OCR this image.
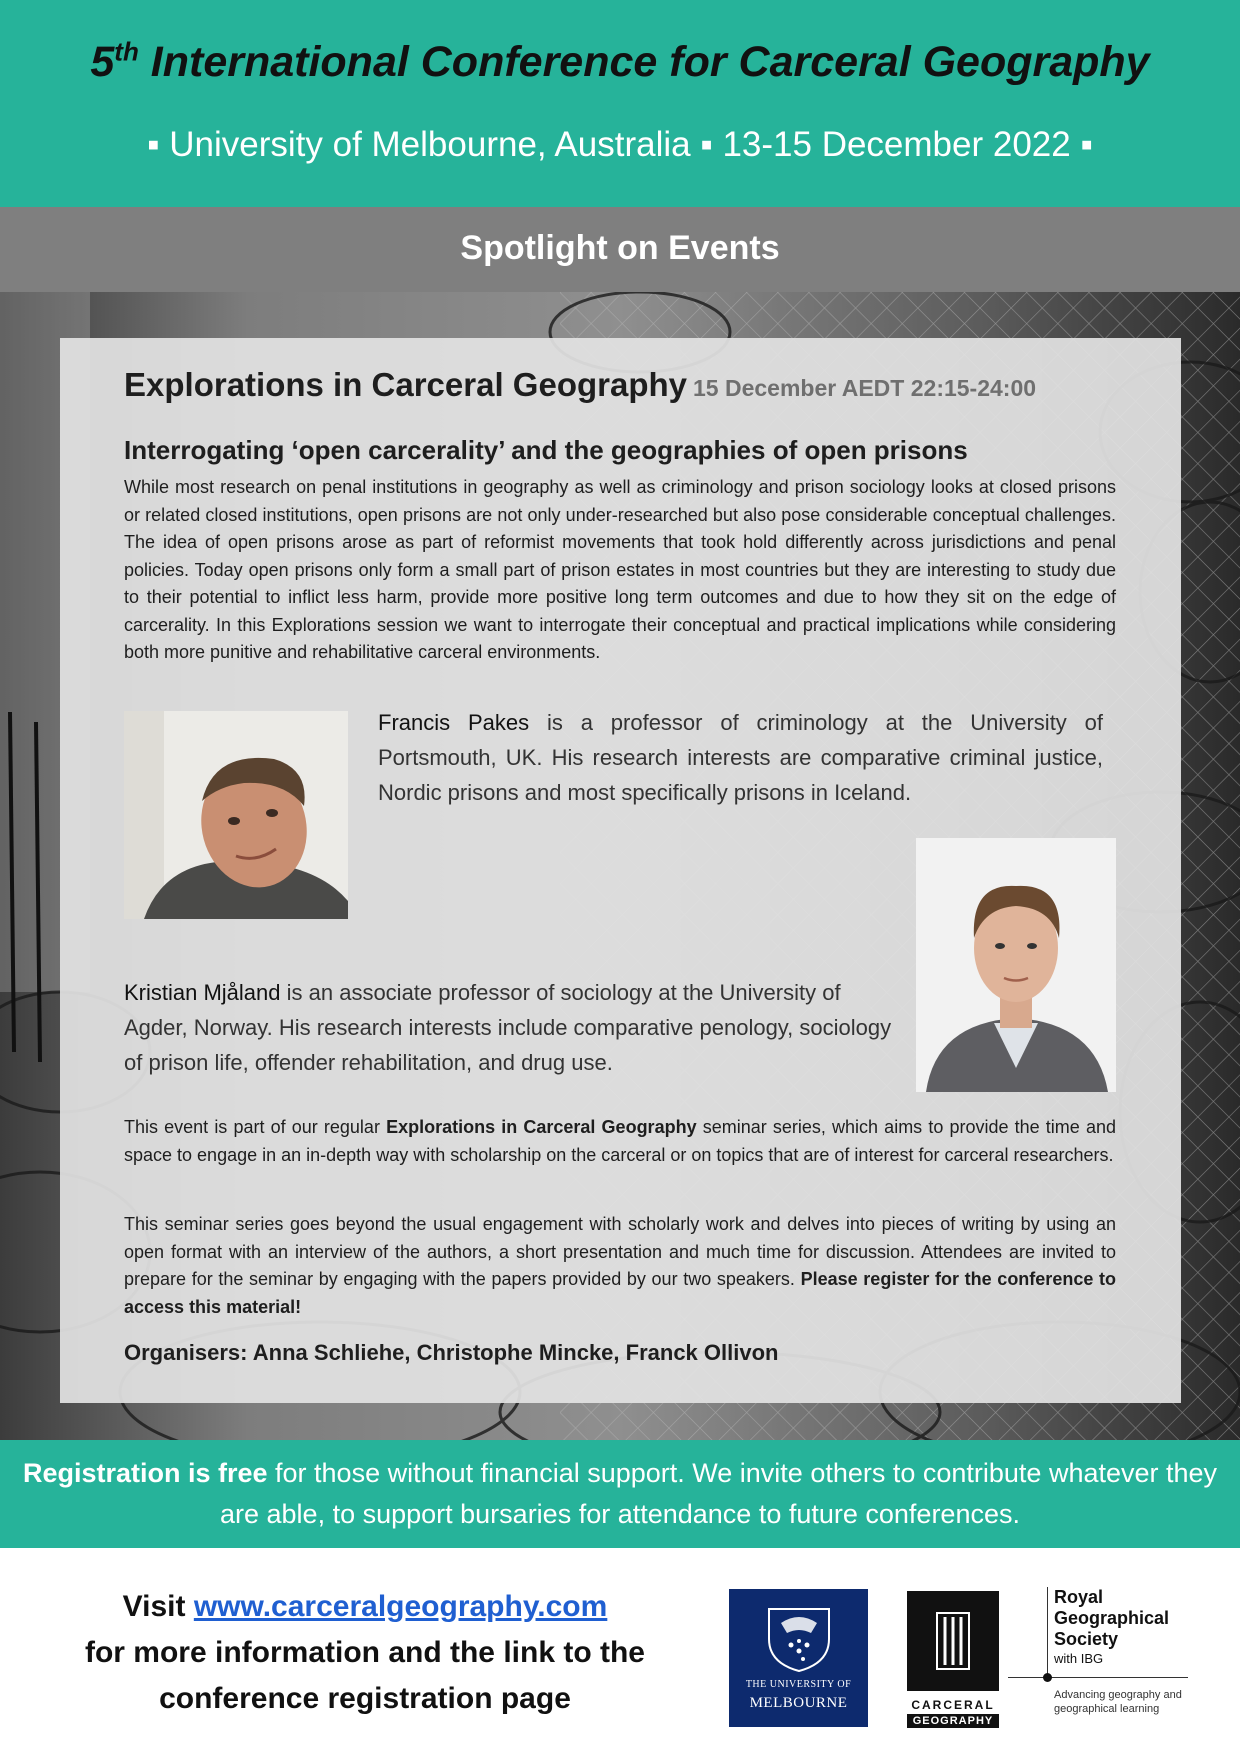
5th International Conference for Carceral Geography
▪ University of Melbourne, Australia ▪ 13-15 December 2022 ▪
Spotlight on Events
Explorations in Carceral Geography 15 December AEDT 22:15-24:00
Interrogating ‘open carcerality’ and the geographies of open prisons
While most research on penal institutions in geography as well as criminology and prison sociology looks at closed prisons or related closed institutions, open prisons are not only under-researched but also pose considerable conceptual challenges. The idea of open prisons arose as part of reformist movements that took hold differently across jurisdictions and penal policies. Today open prisons only form a small part of prison estates in most countries but they are interesting to study due to their potential to inflict less harm, provide more positive long term outcomes and due to how they sit on the edge of carcerality. In this Explorations session we want to interrogate their conceptual and practical implications while considering both more punitive and rehabilitative carceral environments.
Francis Pakes is a professor of criminology at the University of Portsmouth, UK. His research interests are comparative criminal justice, Nordic prisons and most specifically prisons in Iceland.
Kristian Mjåland is an associate professor of sociology at the University of Agder, Norway. His research interests include comparative penology, sociology of prison life, offender rehabilitation, and drug use.
This event is part of our regular Explorations in Carceral Geography seminar series, which aims to provide the time and space to engage in an in-depth way with scholarship on the carceral or on topics that are of interest for carceral researchers.
This seminar series goes beyond the usual engagement with scholarly work and delves into pieces of writing by using an open format with an interview of the authors, a short presentation and much time for discussion. Attendees are invited to prepare for the seminar by engaging with the papers provided by our two speakers. Please register for the conference to access this material!
Organisers: Anna Schliehe, Christophe Mincke, Franck Ollivon
Registration is free for those without financial support. We invite others to contribute whatever they are able, to support bursaries for attendance to future conferences.
Visit www.carceralgeography.com
for more information and the link to the
conference registration page	THE UNIVERSITY OF
MELBOURNE	CARCERAL
GEOGRAPHY
Royal Geographical Society
with IBG
Advancing geography and geographical learning
